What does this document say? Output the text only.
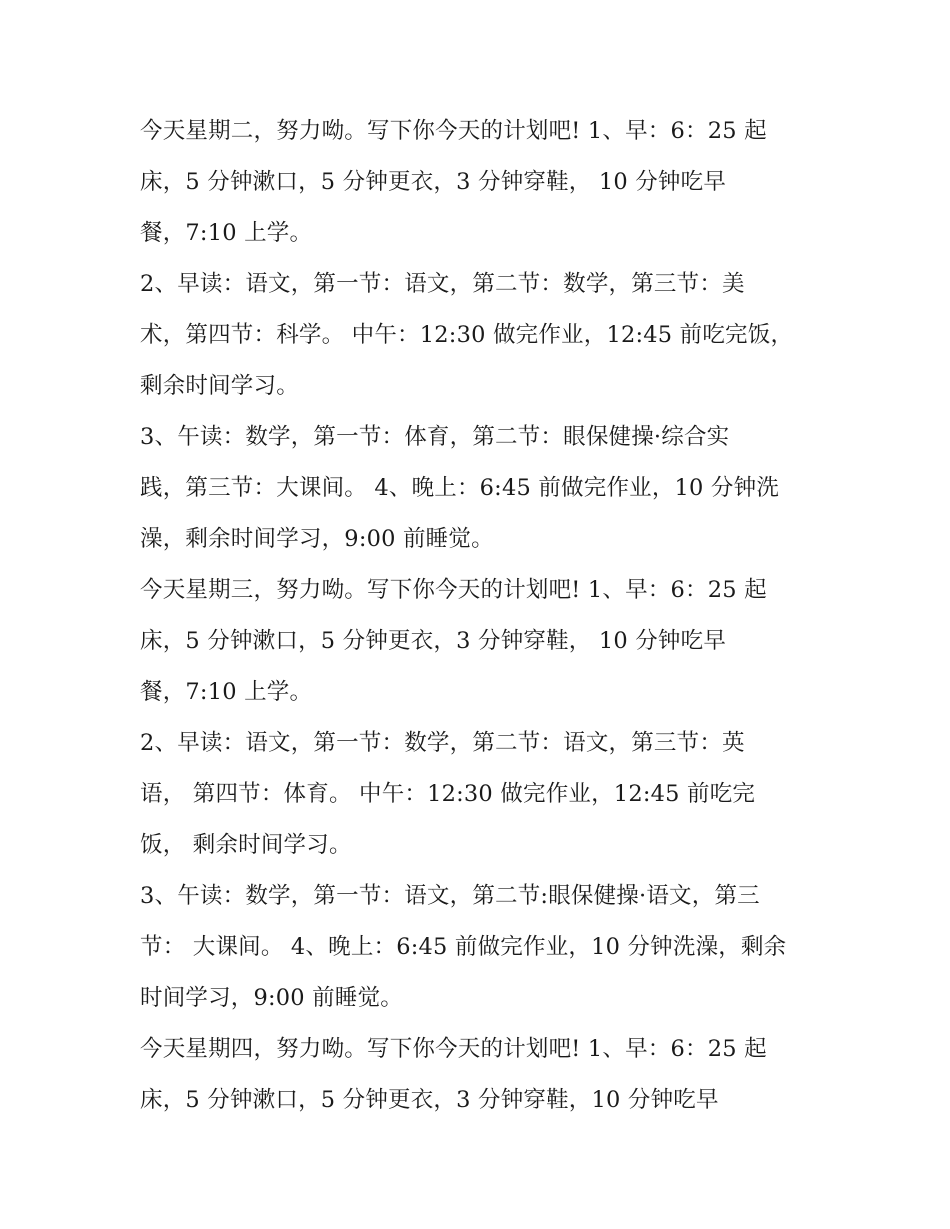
今天星期二，努力呦。写下你今天的计划吧! 1、早：6：25 起
床，5 分钟漱口，5 分钟更衣，3 分钟穿鞋， 10 分钟吃早
餐，7:10 上学。
2、早读：语文，第一节：语文，第二节：数学，第三节：美
术，第四节：科学。 中午：12:30 做完作业，12:45 前吃完饭，
剩余时间学习。
3、午读：数学，第一节：体育，第二节：眼保健操·综合实
践，第三节：大课间。 4、晚上：6:45 前做完作业，10 分钟洗
澡，剩余时间学习，9:00 前睡觉。
今天星期三，努力呦。写下你今天的计划吧! 1、早：6：25 起
床，5 分钟漱口，5 分钟更衣，3 分钟穿鞋， 10 分钟吃早
餐，7:10 上学。
2、早读：语文，第一节：数学，第二节：语文，第三节：英
语， 第四节：体育。 中午：12:30 做完作业，12:45 前吃完
饭， 剩余时间学习。
3、午读：数学，第一节：语文，第二节:眼保健操·语文，第三
节： 大课间。 4、晚上：6:45 前做完作业，10 分钟洗澡，剩余
时间学习，9:00 前睡觉。
今天星期四，努力呦。写下你今天的计划吧! 1、早：6：25 起
床，5 分钟漱口，5 分钟更衣，3 分钟穿鞋，10 分钟吃早
